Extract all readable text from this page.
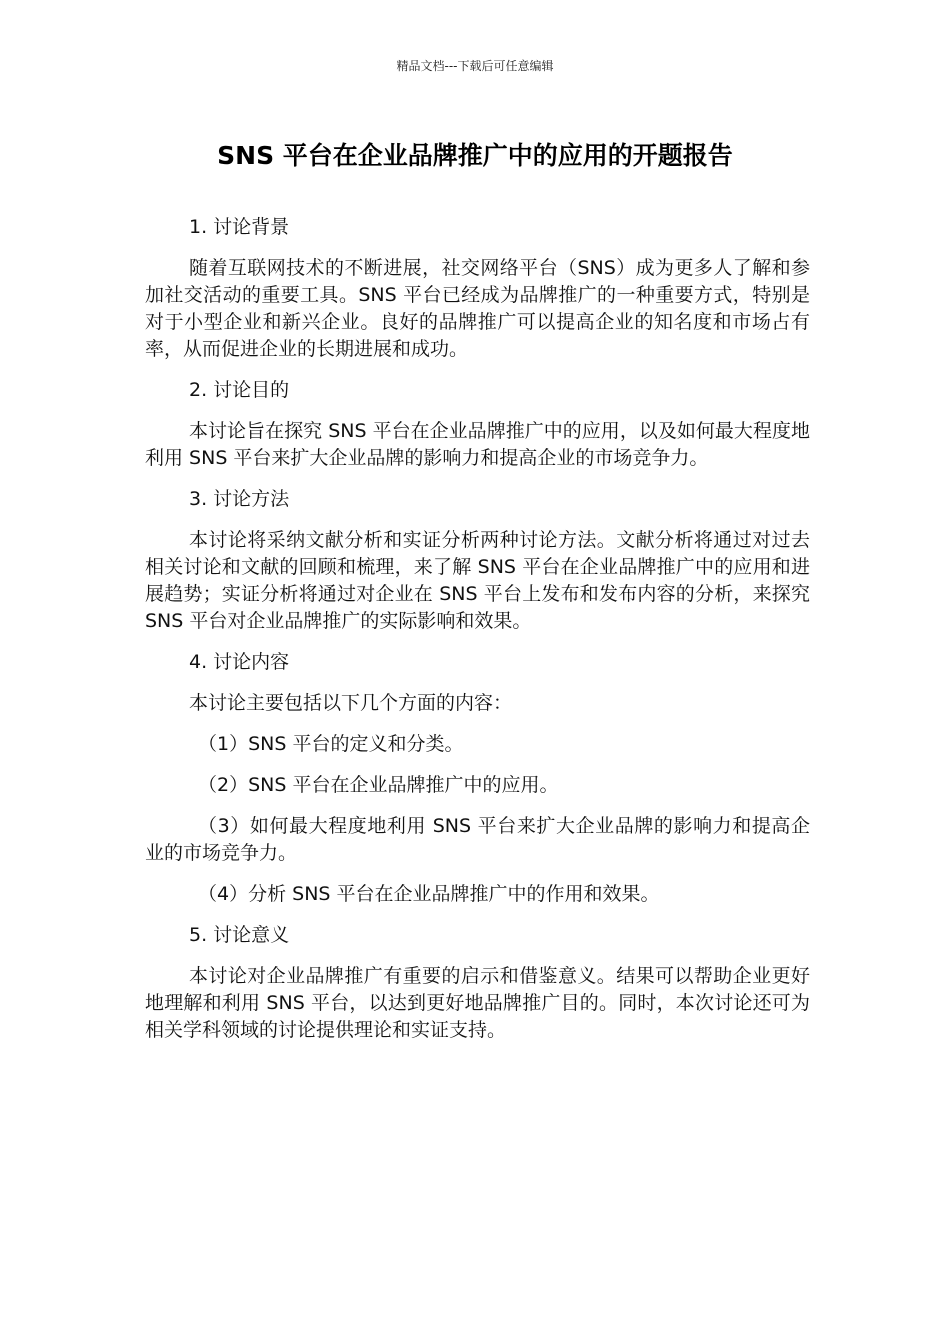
精品文档---下载后可任意编辑
SNS 平台在企业品牌推广中的应用的开题报告

1. 讨论背景

随着互联网技术的不断进展，社交网络平台（SNS）成为更多人了解和参加社交活动的重要工具。SNS 平台已经成为品牌推广的一种重要方式，特别是对于小型企业和新兴企业。良好的品牌推广可以提高企业的知名度和市场占有率，从而促进企业的长期进展和成功。

2. 讨论目的

本讨论旨在探究 SNS 平台在企业品牌推广中的应用，以及如何最大程度地利用 SNS 平台来扩大企业品牌的影响力和提高企业的市场竞争力。

3. 讨论方法

本讨论将采纳文献分析和实证分析两种讨论方法。文献分析将通过对过去相关讨论和文献的回顾和梳理，来了解 SNS 平台在企业品牌推广中的应用和进展趋势；实证分析将通过对企业在 SNS 平台上发布和发布内容的分析，来探究 SNS 平台对企业品牌推广的实际影响和效果。

4. 讨论内容

本讨论主要包括以下几个方面的内容：

（1）SNS 平台的定义和分类。

（2）SNS 平台在企业品牌推广中的应用。

（3）如何最大程度地利用 SNS 平台来扩大企业品牌的影响力和提高企业的市场竞争力。

（4）分析 SNS 平台在企业品牌推广中的作用和效果。

5. 讨论意义

本讨论对企业品牌推广有重要的启示和借鉴意义。结果可以帮助企业更好地理解和利用 SNS 平台，以达到更好地品牌推广目的。同时，本次讨论还可为相关学科领域的讨论提供理论和实证支持。
